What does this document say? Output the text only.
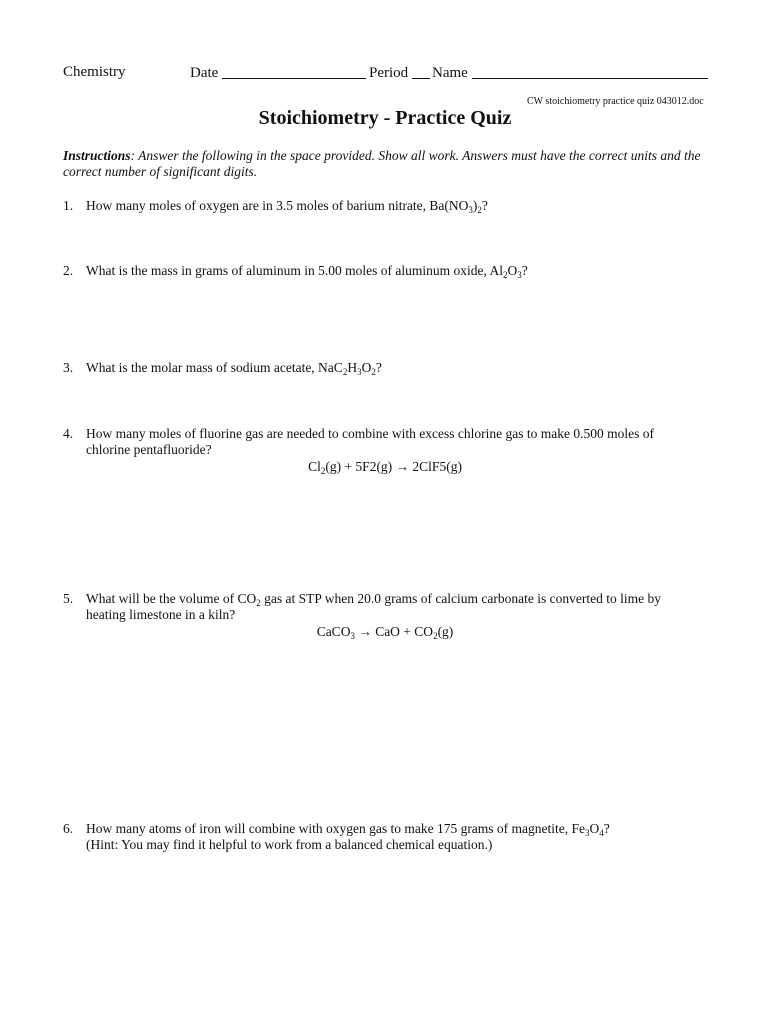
Chemistry	Date	Period	Name
CW stoichiometry practice quiz 043012.doc
Stoichiometry - Practice Quiz
Instructions: Answer the following in the space provided. Show all work. Answers must have the correct units and the correct number of significant digits.
1. How many moles of oxygen are in 3.5 moles of barium nitrate, $Ba(NO_3)_2$?
2. What is the mass in grams of aluminum in 5.00 moles of aluminum oxide, $Al_2O_3$?
3. What is the molar mass of sodium acetate, $NaC_2H_3O_2$?
4. How many moles of fluorine gas are needed to combine with excess chlorine gas to make 0.500 moles of
chlorine pentafluoride?
$Cl_2(g) + 5F2(g) \to 2ClF5(g)$
5. What will be the volume of $CO_2$ gas at STP when 20.0 grams of calcium carbonate is converted to lime by
heating limestone in a kiln?
CaCO$_3$ → CaO + $CO_2(g)$
6. How many atoms of iron will combine with oxygen gas to make 175 grams of magnetite, $Fe_3O_4$?
(Hint: You may find it helpful to work from a balanced chemical equation.)
